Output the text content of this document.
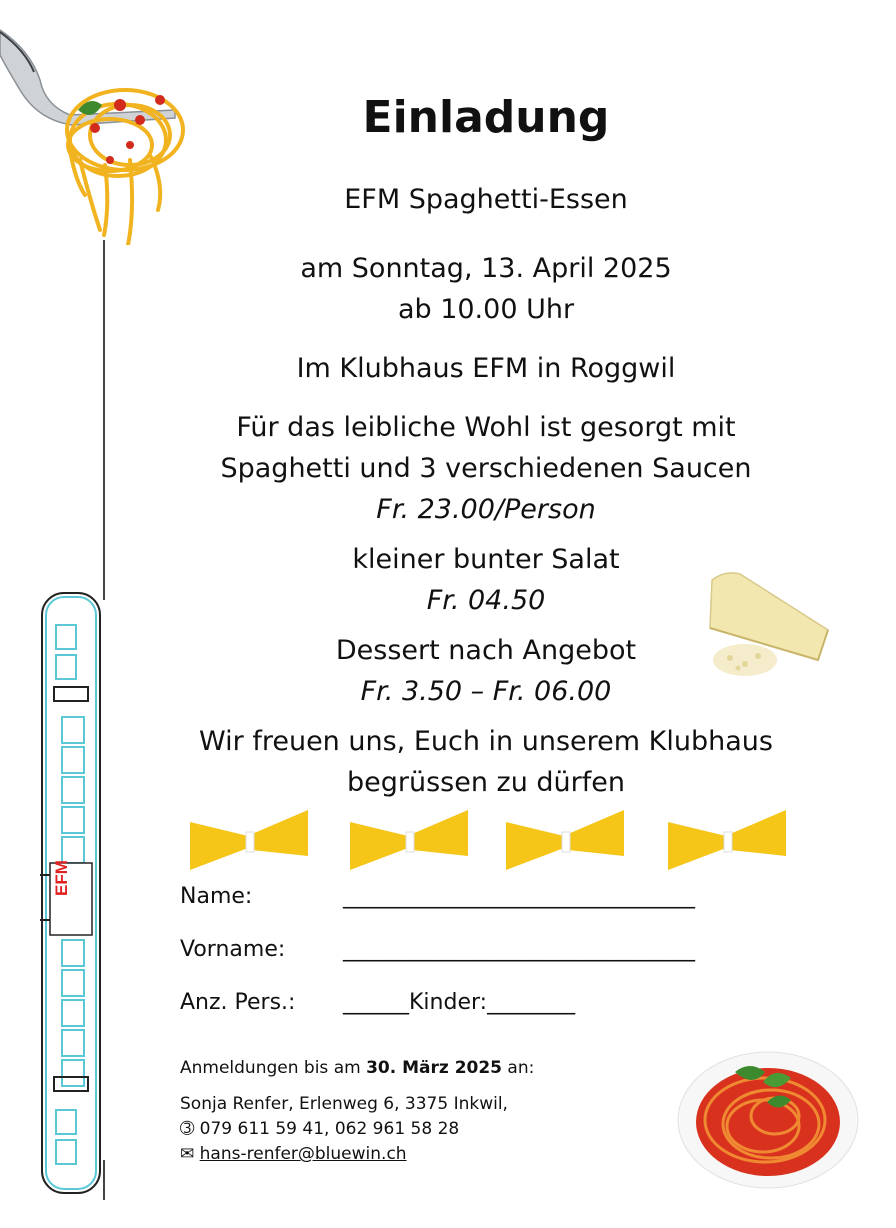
EFM
Einladung
EFM Spaghetti-Essen
am Sonntag, 13. April 2025
ab 10.00 Uhr
Im Klubhaus EFM in Roggwil
Für das leibliche Wohl ist gesorgt mit
Spaghetti und 3 verschiedenen Saucen
Fr. 23.00/Person
kleiner bunter Salat
Fr. 04.50
Dessert nach Angebot
Fr. 3.50 – Fr. 06.00
Wir freuen uns, Euch in unserem Klubhaus
begrüssen zu dürfen
Name:	________________________________
Vorname:	________________________________
Anz. Pers.: ______Kinder:________
Anmeldungen bis am 30. März 2025 an:
Sonja Renfer, Erlenweg 6, 3375 Inkwil,
➂ 079 611 59 41, 062 961 58 28
✉ hans-renfer@bluewin.ch
